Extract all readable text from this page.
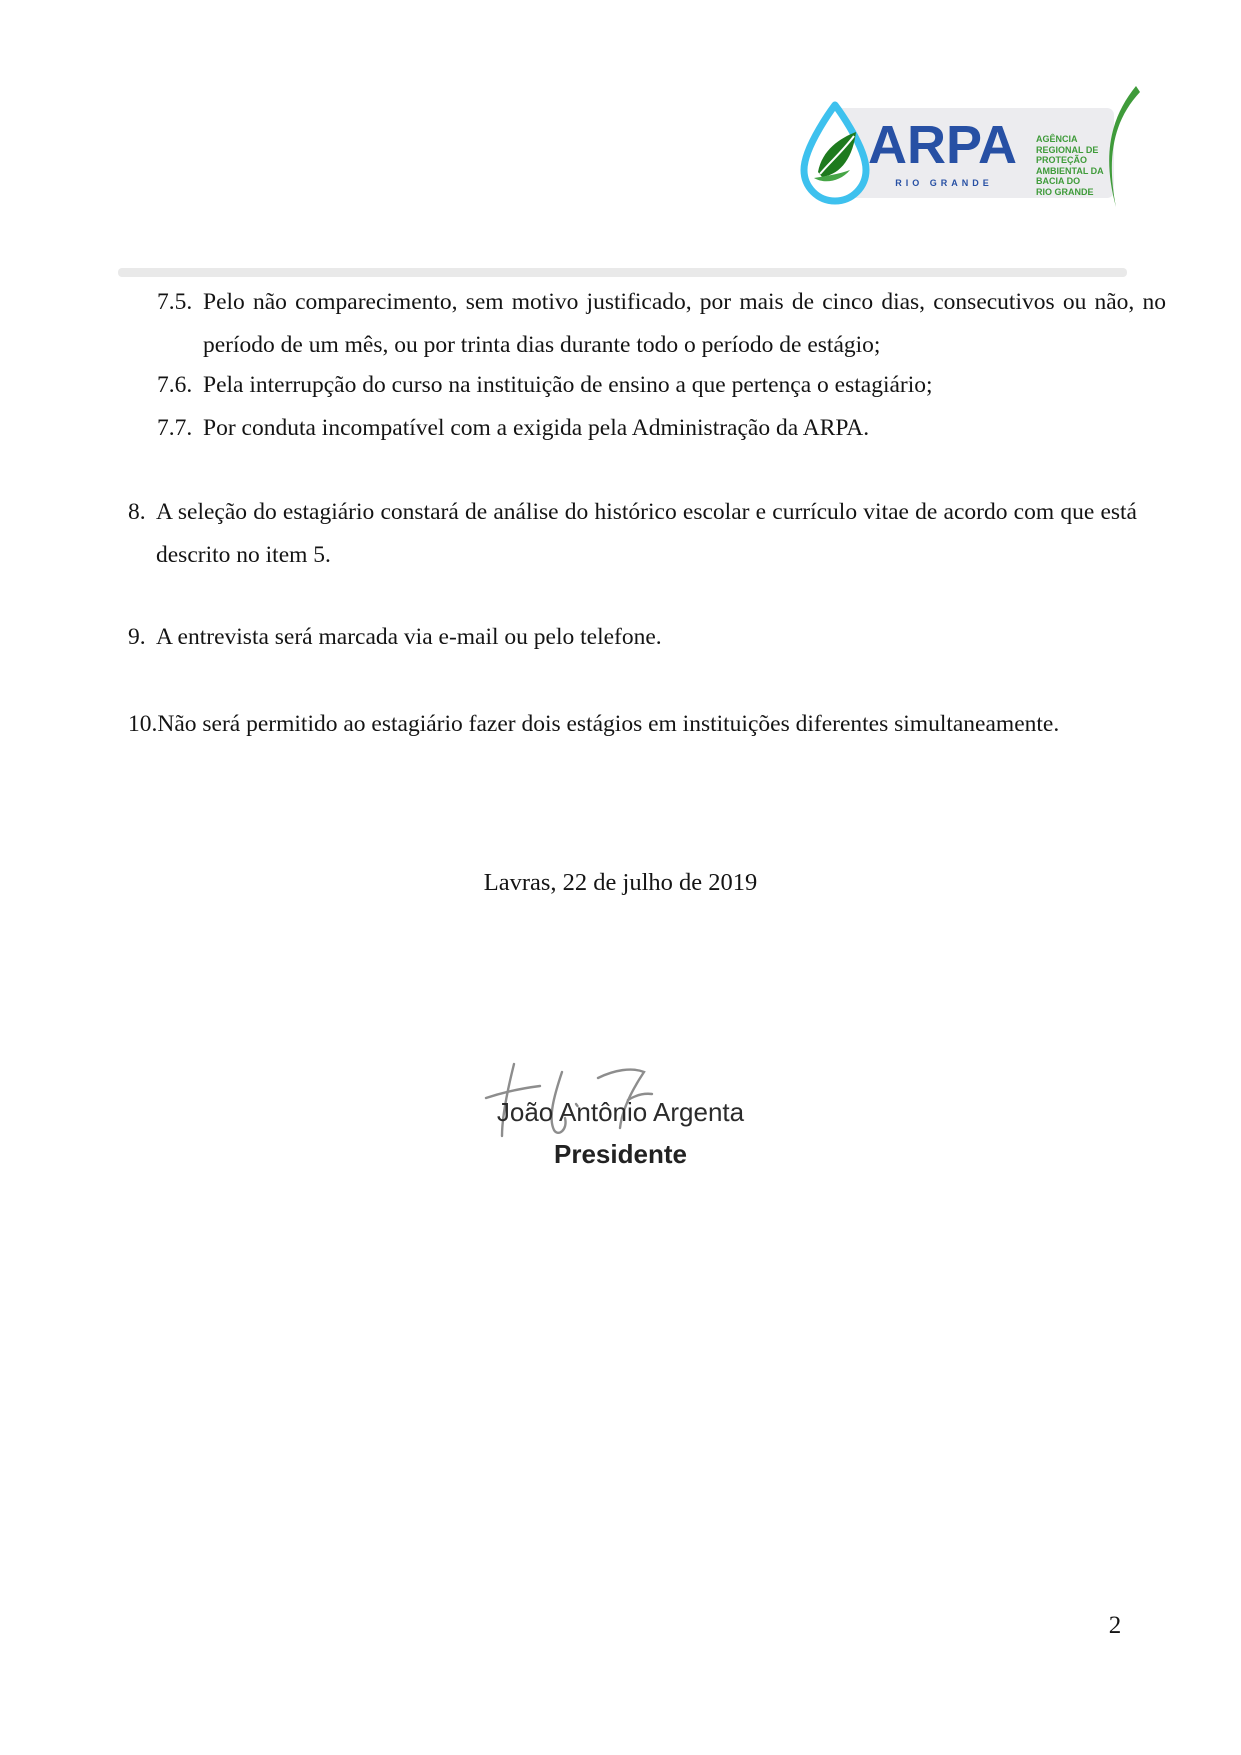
ARPA
RIO GRANDE
AGÊNCIA
REGIONAL DE
PROTEÇÃO
AMBIENTAL DA
BACIA DO
RIO GRANDE
7.5. Pelo não comparecimento, sem motivo justificado, por mais de cinco dias, consecutivos ou não, no período de um mês, ou por trinta dias durante todo o período de estágio;
7.6. Pela interrupção do curso na instituição de ensino a que pertença o estagiário;
7.7. Por conduta incompatível com a exigida pela Administração da ARPA.
8. A seleção do estagiário constará de análise do histórico escolar e currículo vitae de acordo com que está descrito no item 5.
9. A entrevista será marcada via e-mail ou pelo telefone.
10. Não será permitido ao estagiário fazer dois estágios em instituições diferentes simultaneamente.
Lavras, 22 de julho de 2019
João Antônio Argenta
Presidente
2
